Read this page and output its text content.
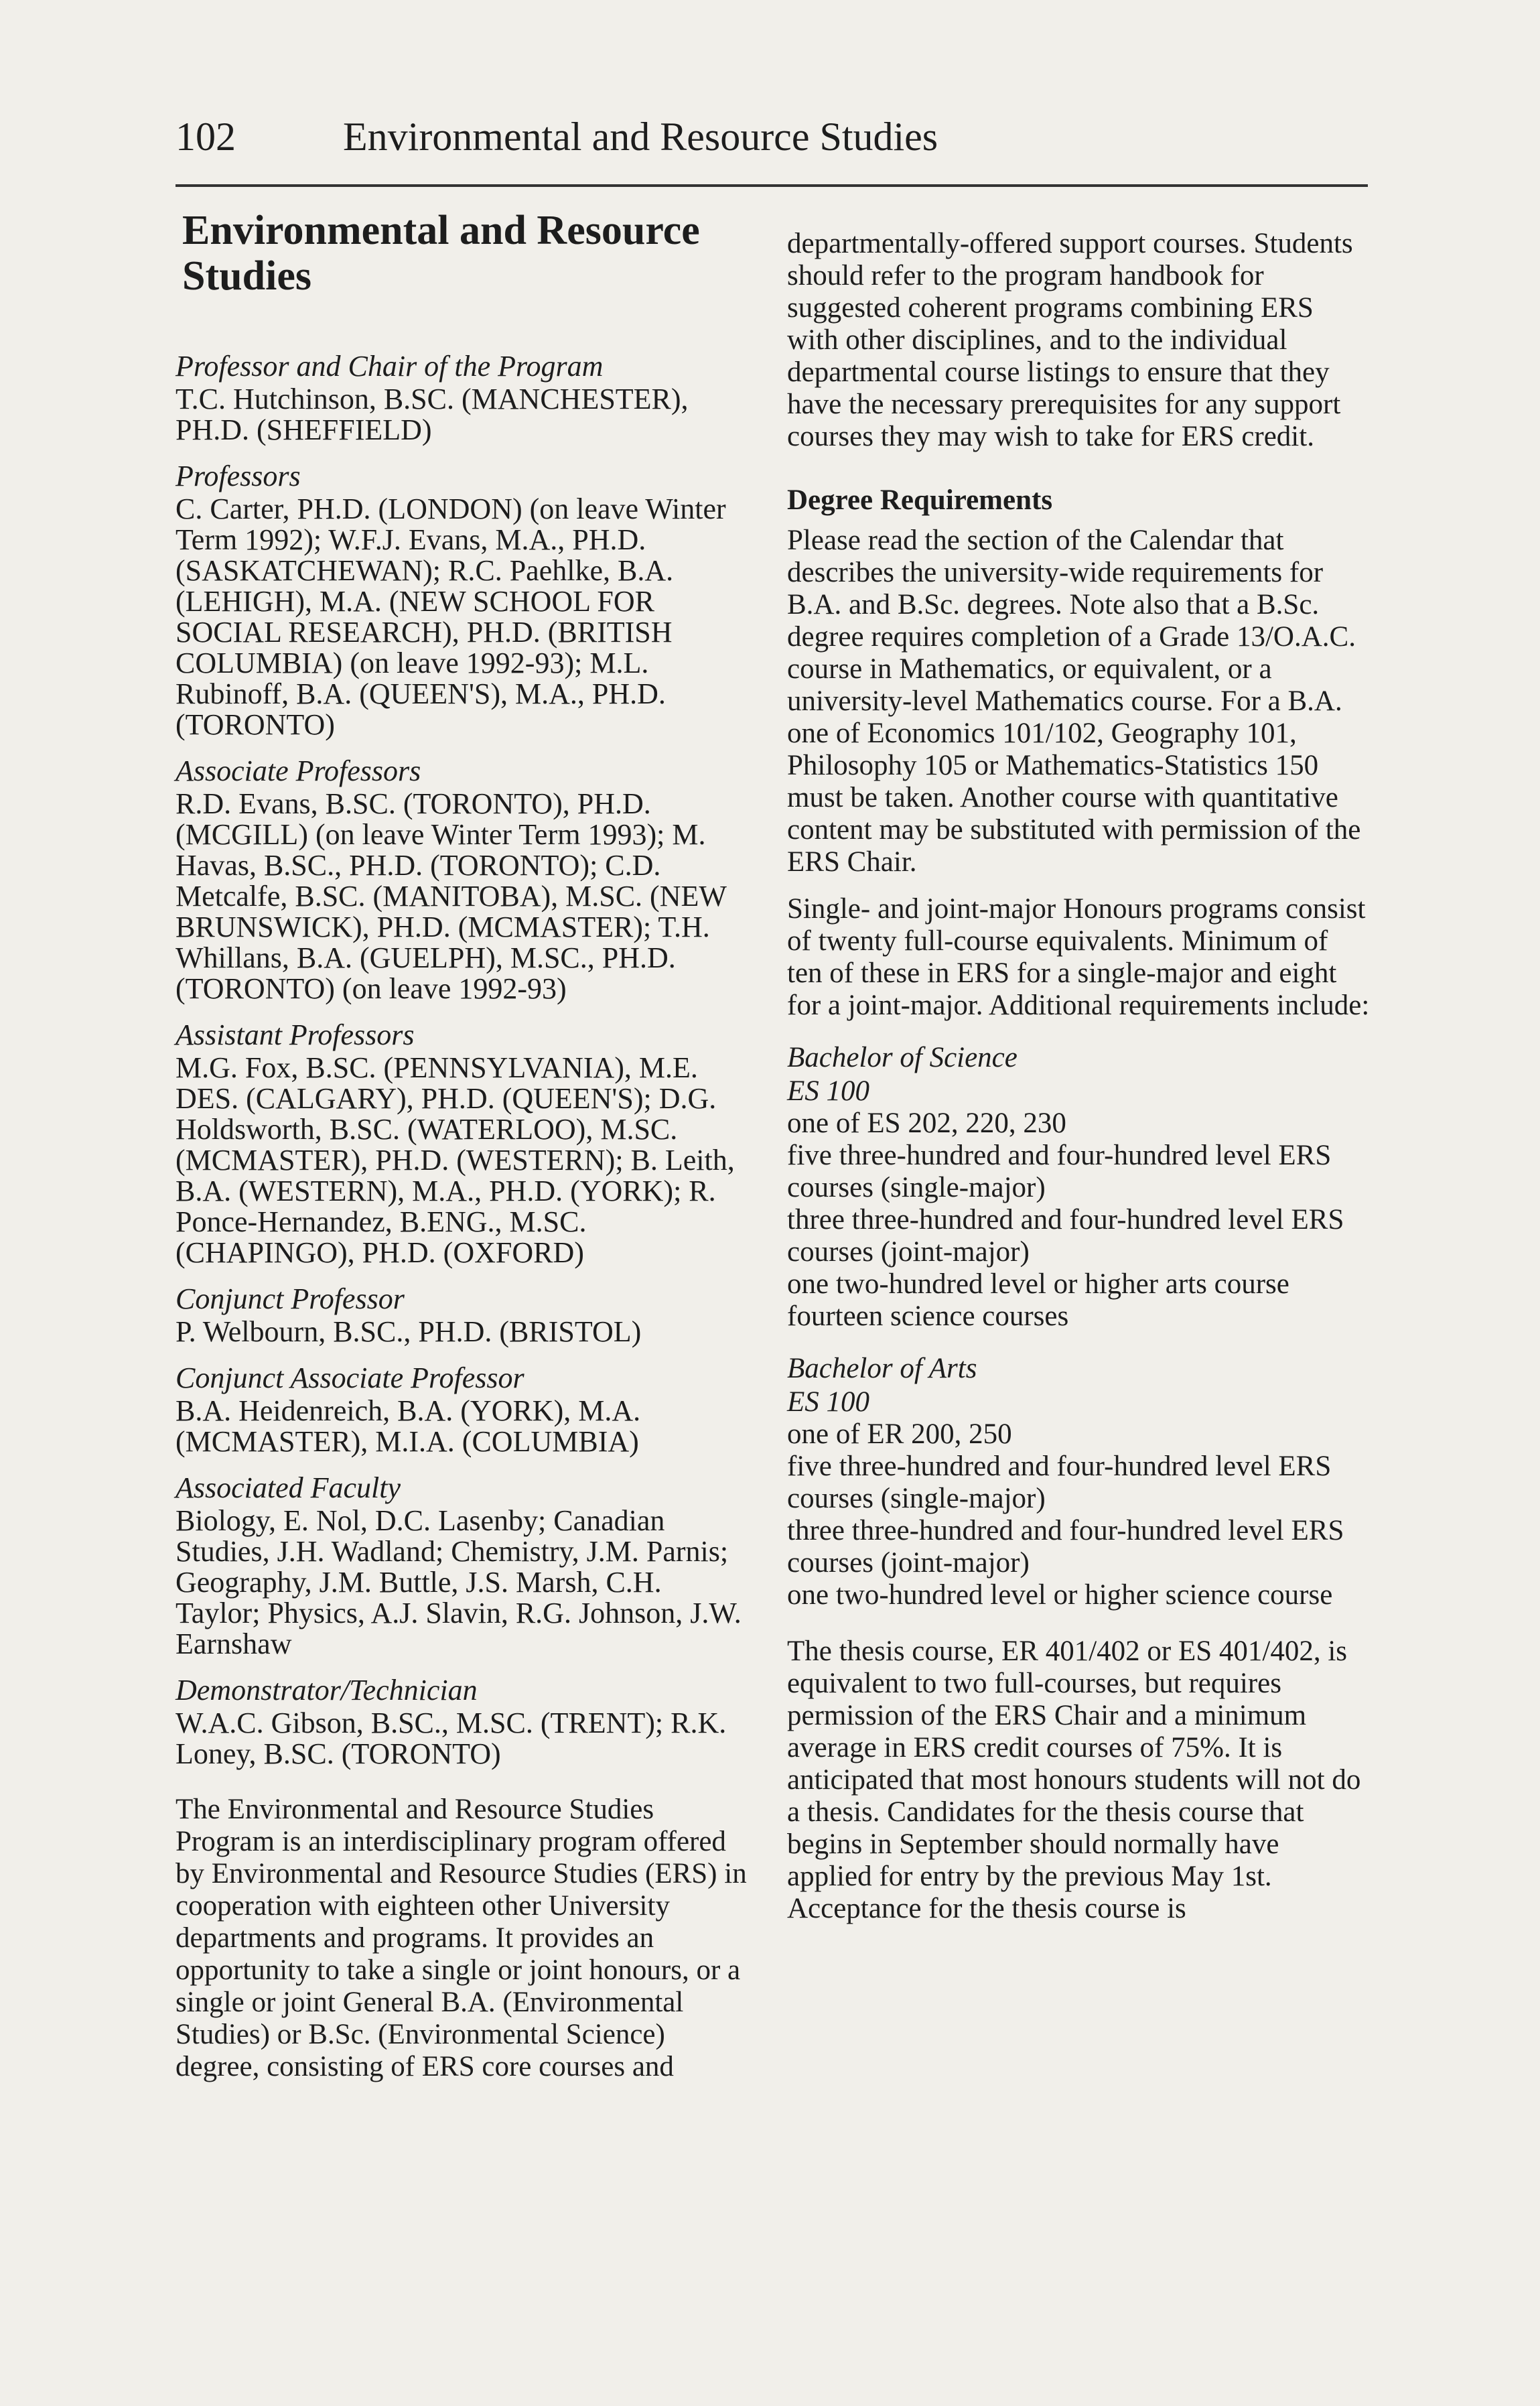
102	Environmental and Resource Studies
Environmental and Resource Studies
Professor and Chair of the Program
T.C. Hutchinson, B.SC. (MANCHESTER), PH.D. (SHEFFIELD)
Professors
C. Carter, PH.D. (LONDON) (on leave Winter Term 1992); W.F.J. Evans, M.A., PH.D. (SASKATCHEWAN); R.C. Paehlke, B.A. (LEHIGH), M.A. (NEW SCHOOL FOR SOCIAL RESEARCH), PH.D. (BRITISH COLUMBIA) (on leave 1992-93); M.L. Rubinoff, B.A. (QUEEN'S), M.A., PH.D. (TORONTO)
Associate Professors
R.D. Evans, B.SC. (TORONTO), PH.D. (MCGILL) (on leave Winter Term 1993); M. Havas, B.SC., PH.D. (TORONTO); C.D. Metcalfe, B.SC. (MANITOBA), M.SC. (NEW BRUNSWICK), PH.D. (MCMASTER); T.H. Whillans, B.A. (GUELPH), M.SC., PH.D. (TORONTO) (on leave 1992-93)
Assistant Professors
M.G. Fox, B.SC. (PENNSYLVANIA), M.E. DES. (CALGARY), PH.D. (QUEEN'S); D.G. Holdsworth, B.SC. (WATERLOO), M.SC. (MCMASTER), PH.D. (WESTERN); B. Leith, B.A. (WESTERN), M.A., PH.D. (YORK); R. Ponce-Hernandez, B.ENG., M.SC. (CHAPINGO), PH.D. (OXFORD)
Conjunct Professor
P. Welbourn, B.SC., PH.D. (BRISTOL)
Conjunct Associate Professor
B.A. Heidenreich, B.A. (YORK), M.A. (MCMASTER), M.I.A. (COLUMBIA)
Associated Faculty
Biology, E. Nol, D.C. Lasenby; Canadian Studies, J.H. Wadland; Chemistry, J.M. Parnis; Geography, J.M. Buttle, J.S. Marsh, C.H. Taylor; Physics, A.J. Slavin, R.G. Johnson, J.W. Earnshaw
Demonstrator/Technician
W.A.C. Gibson, B.SC., M.SC. (TRENT); R.K. Loney, B.SC. (TORONTO)
The Environmental and Resource Studies Program is an interdisciplinary program offered by Environmental and Resource Studies (ERS) in cooperation with eighteen other University departments and programs. It provides an opportunity to take a single or joint honours, or a single or joint General B.A. (Environmental Studies) or B.Sc. (Environmental Science) degree, consisting of ERS core courses and
departmentally-offered support courses. Students should refer to the program handbook for suggested coherent programs combining ERS with other disciplines, and to the individual departmental course listings to ensure that they have the necessary prerequisites for any support courses they may wish to take for ERS credit.
Degree Requirements
Please read the section of the Calendar that describes the university-wide requirements for B.A. and B.Sc. degrees. Note also that a B.Sc. degree requires completion of a Grade 13/O.A.C. course in Mathematics, or equivalent, or a university-level Mathematics course. For a B.A. one of Economics 101/102, Geography 101, Philosophy 105 or Mathematics-Statistics 150 must be taken. Another course with quantitative content may be substituted with permission of the ERS Chair.
Single- and joint-major Honours programs consist of twenty full-course equivalents. Minimum of ten of these in ERS for a single-major and eight for a joint-major. Additional requirements include:
Bachelor of Science
ES 100
one of ES 202, 220, 230
five three-hundred and four-hundred level ERS courses (single-major)
three three-hundred and four-hundred level ERS courses (joint-major)
one two-hundred level or higher arts course
fourteen science courses
Bachelor of Arts
ES 100
one of ER 200, 250
five three-hundred and four-hundred level ERS courses (single-major)
three three-hundred and four-hundred level ERS courses (joint-major)
one two-hundred level or higher science course
The thesis course, ER 401/402 or ES 401/402, is equivalent to two full-courses, but requires permission of the ERS Chair and a minimum average in ERS credit courses of 75%. It is anticipated that most honours students will not do a thesis. Candidates for the thesis course that begins in September should normally have applied for entry by the previous May 1st. Acceptance for the thesis course is
